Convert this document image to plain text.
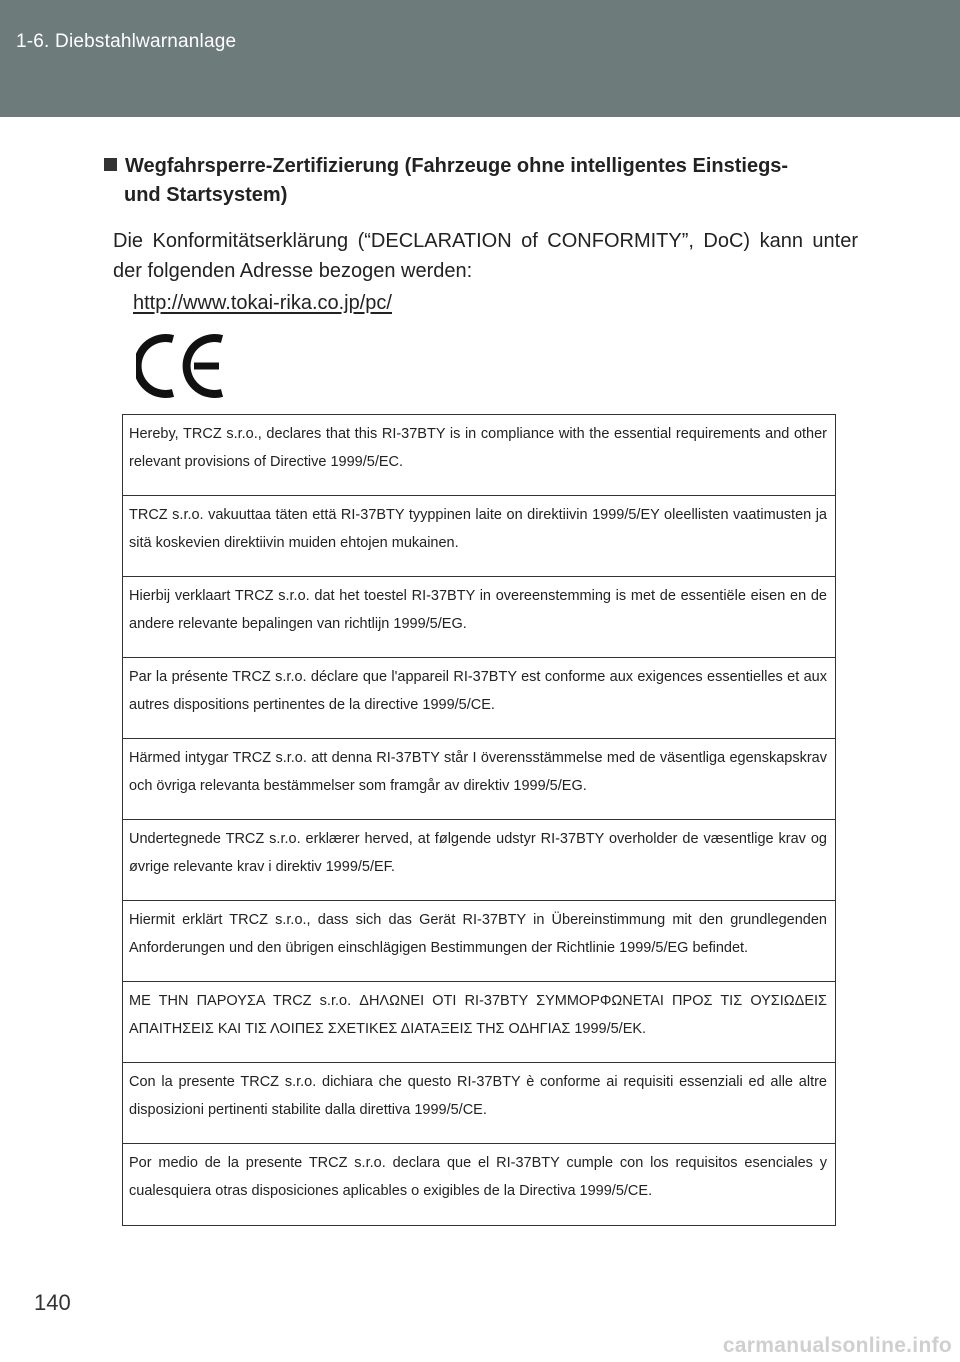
1-6. Diebstahlwarnanlage
Wegfahrsperre-Zertifizierung (Fahrzeuge ohne intelligentes Einstiegs-
und Startsystem)
Die Konformitätserklärung (“DECLARATION of CONFORMITY”, DoC) kann unter der folgenden Adresse bezogen werden:
http://www.tokai-rika.co.jp/pc/
Hereby, TRCZ s.r.o., declares that this RI-37BTY is in compliance with the essential requirements and other relevant provisions of Directive 1999/5/EC.
TRCZ s.r.o. vakuuttaa täten että RI-37BTY tyyppinen laite on direktiivin 1999/5/EY oleellisten vaatimusten ja sitä koskevien direktiivin muiden ehtojen mukainen.
Hierbij verklaart TRCZ s.r.o. dat het toestel RI-37BTY in overeenstemming is met de essentiële eisen en de andere relevante bepalingen van richtlijn 1999/5/EG.
Par la présente TRCZ s.r.o. déclare que l'appareil RI-37BTY est conforme aux exigences essentielles et aux autres dispositions pertinentes de la directive 1999/5/CE.
Härmed intygar TRCZ s.r.o. att denna RI-37BTY står I överensstämmelse med de väsentliga egenskapskrav och övriga relevanta bestämmelser som framgår av direktiv 1999/5/EG.
Undertegnede TRCZ s.r.o. erklærer herved, at følgende udstyr RI-37BTY overholder de væsentlige krav og øvrige relevante krav i direktiv 1999/5/EF.
Hiermit erklärt TRCZ s.r.o., dass sich das Gerät RI-37BTY in Übereinstimmung mit den grundlegenden Anforderungen und den übrigen einschlägigen Bestimmungen der Richtlinie 1999/5/EG befindet.
ΜΕ ΤΗΝ ΠΑΡΟΥΣΑ TRCZ s.r.o. ΔΗΛΩΝΕΙ ΟΤΙ RI-37BTY ΣΥΜΜΟΡΦΩΝΕΤΑΙ ΠΡΟΣ ΤΙΣ ΟΥΣΙΩΔΕΙΣ ΑΠΑΙΤΗΣΕΙΣ ΚΑΙ ΤΙΣ ΛΟΙΠΕΣ ΣΧΕΤΙΚΕΣ ΔΙΑΤΑΞΕΙΣ ΤΗΣ ΟΔΗΓΙΑΣ 1999/5/ΕΚ.
Con la presente TRCZ s.r.o. dichiara che questo RI-37BTY è conforme ai requisiti essenziali ed alle altre disposizioni pertinenti stabilite dalla direttiva 1999/5/CE.
Por medio de la presente TRCZ s.r.o. declara que el RI-37BTY cumple con los requisitos esenciales y cualesquiera otras disposiciones aplicables o exigibles de la Directiva 1999/5/CE.
140
carmanualsonline.info
